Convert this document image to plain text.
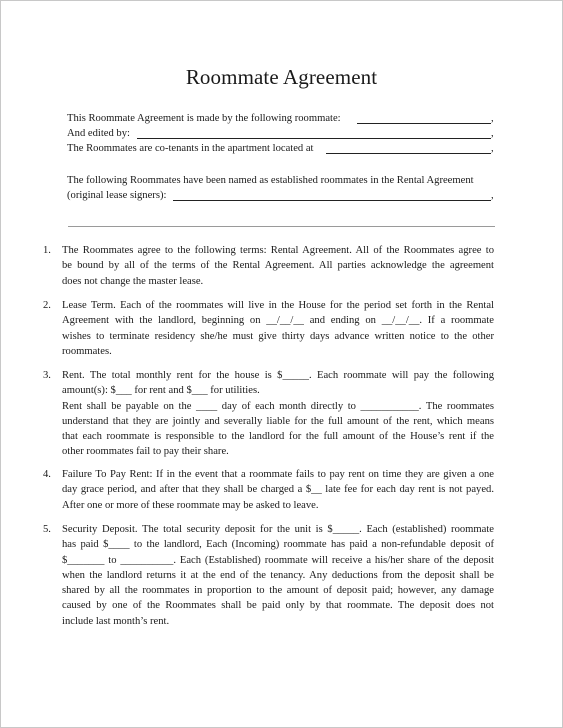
Roommate Agreement
This Roommate Agreement is made by the following roommate:	,
And edited by:	,
The Roommates are co-tenants in the apartment located at	,
The following Roommates have been named as established roommates in the Rental Agreement
(original lease signers):	,
1. The Roommates agree to the following terms: Rental Agreement. All of the Roommates agree to
be bound by all of the terms of the Rental Agreement. All parties acknowledge the agreement
does not change the master lease.
2. Lease Term. Each of the roommates will live in the House for the period set forth in the Rental
Agreement with the landlord, beginning on __/__/__ and ending on __/__/__. If a roommate
wishes to terminate residency she/he must give thirty days advance written notice to the other
roommates.
3. Rent. The total monthly rent for the house is $_____. Each roommate will pay the following
amount(s): $___ for rent and $___ for utilities.
Rent shall be payable on the ____ day of each month directly to ___________. The roommates
understand that they are jointly and severally liable for the full amount of the rent, which means
that each roommate is responsible to the landlord for the full amount of the House’s rent if the
other roommates fail to pay their share.
4. Failure To Pay Rent: If in the event that a roommate fails to pay rent on time they are given a one
day grace period, and after that they shall be charged a $__ late fee for each day rent is not payed.
After one or more of these roommate may be asked to leave.
5. Security Deposit. The total security deposit for the unit is $_____. Each (established) roommate
has paid $____ to the landlord, Each (Incoming) roommate has paid a non-refundable deposit of
$_______ to __________. Each (Established) roommate will receive a his/her share of the deposit
when the landlord returns it at the end of the tenancy. Any deductions from the deposit shall be
shared by all the roommates in proportion to the amount of deposit paid; however, any damage
caused by one of the Roommates shall be paid only by that roommate. The deposit does not
include last month’s rent.
